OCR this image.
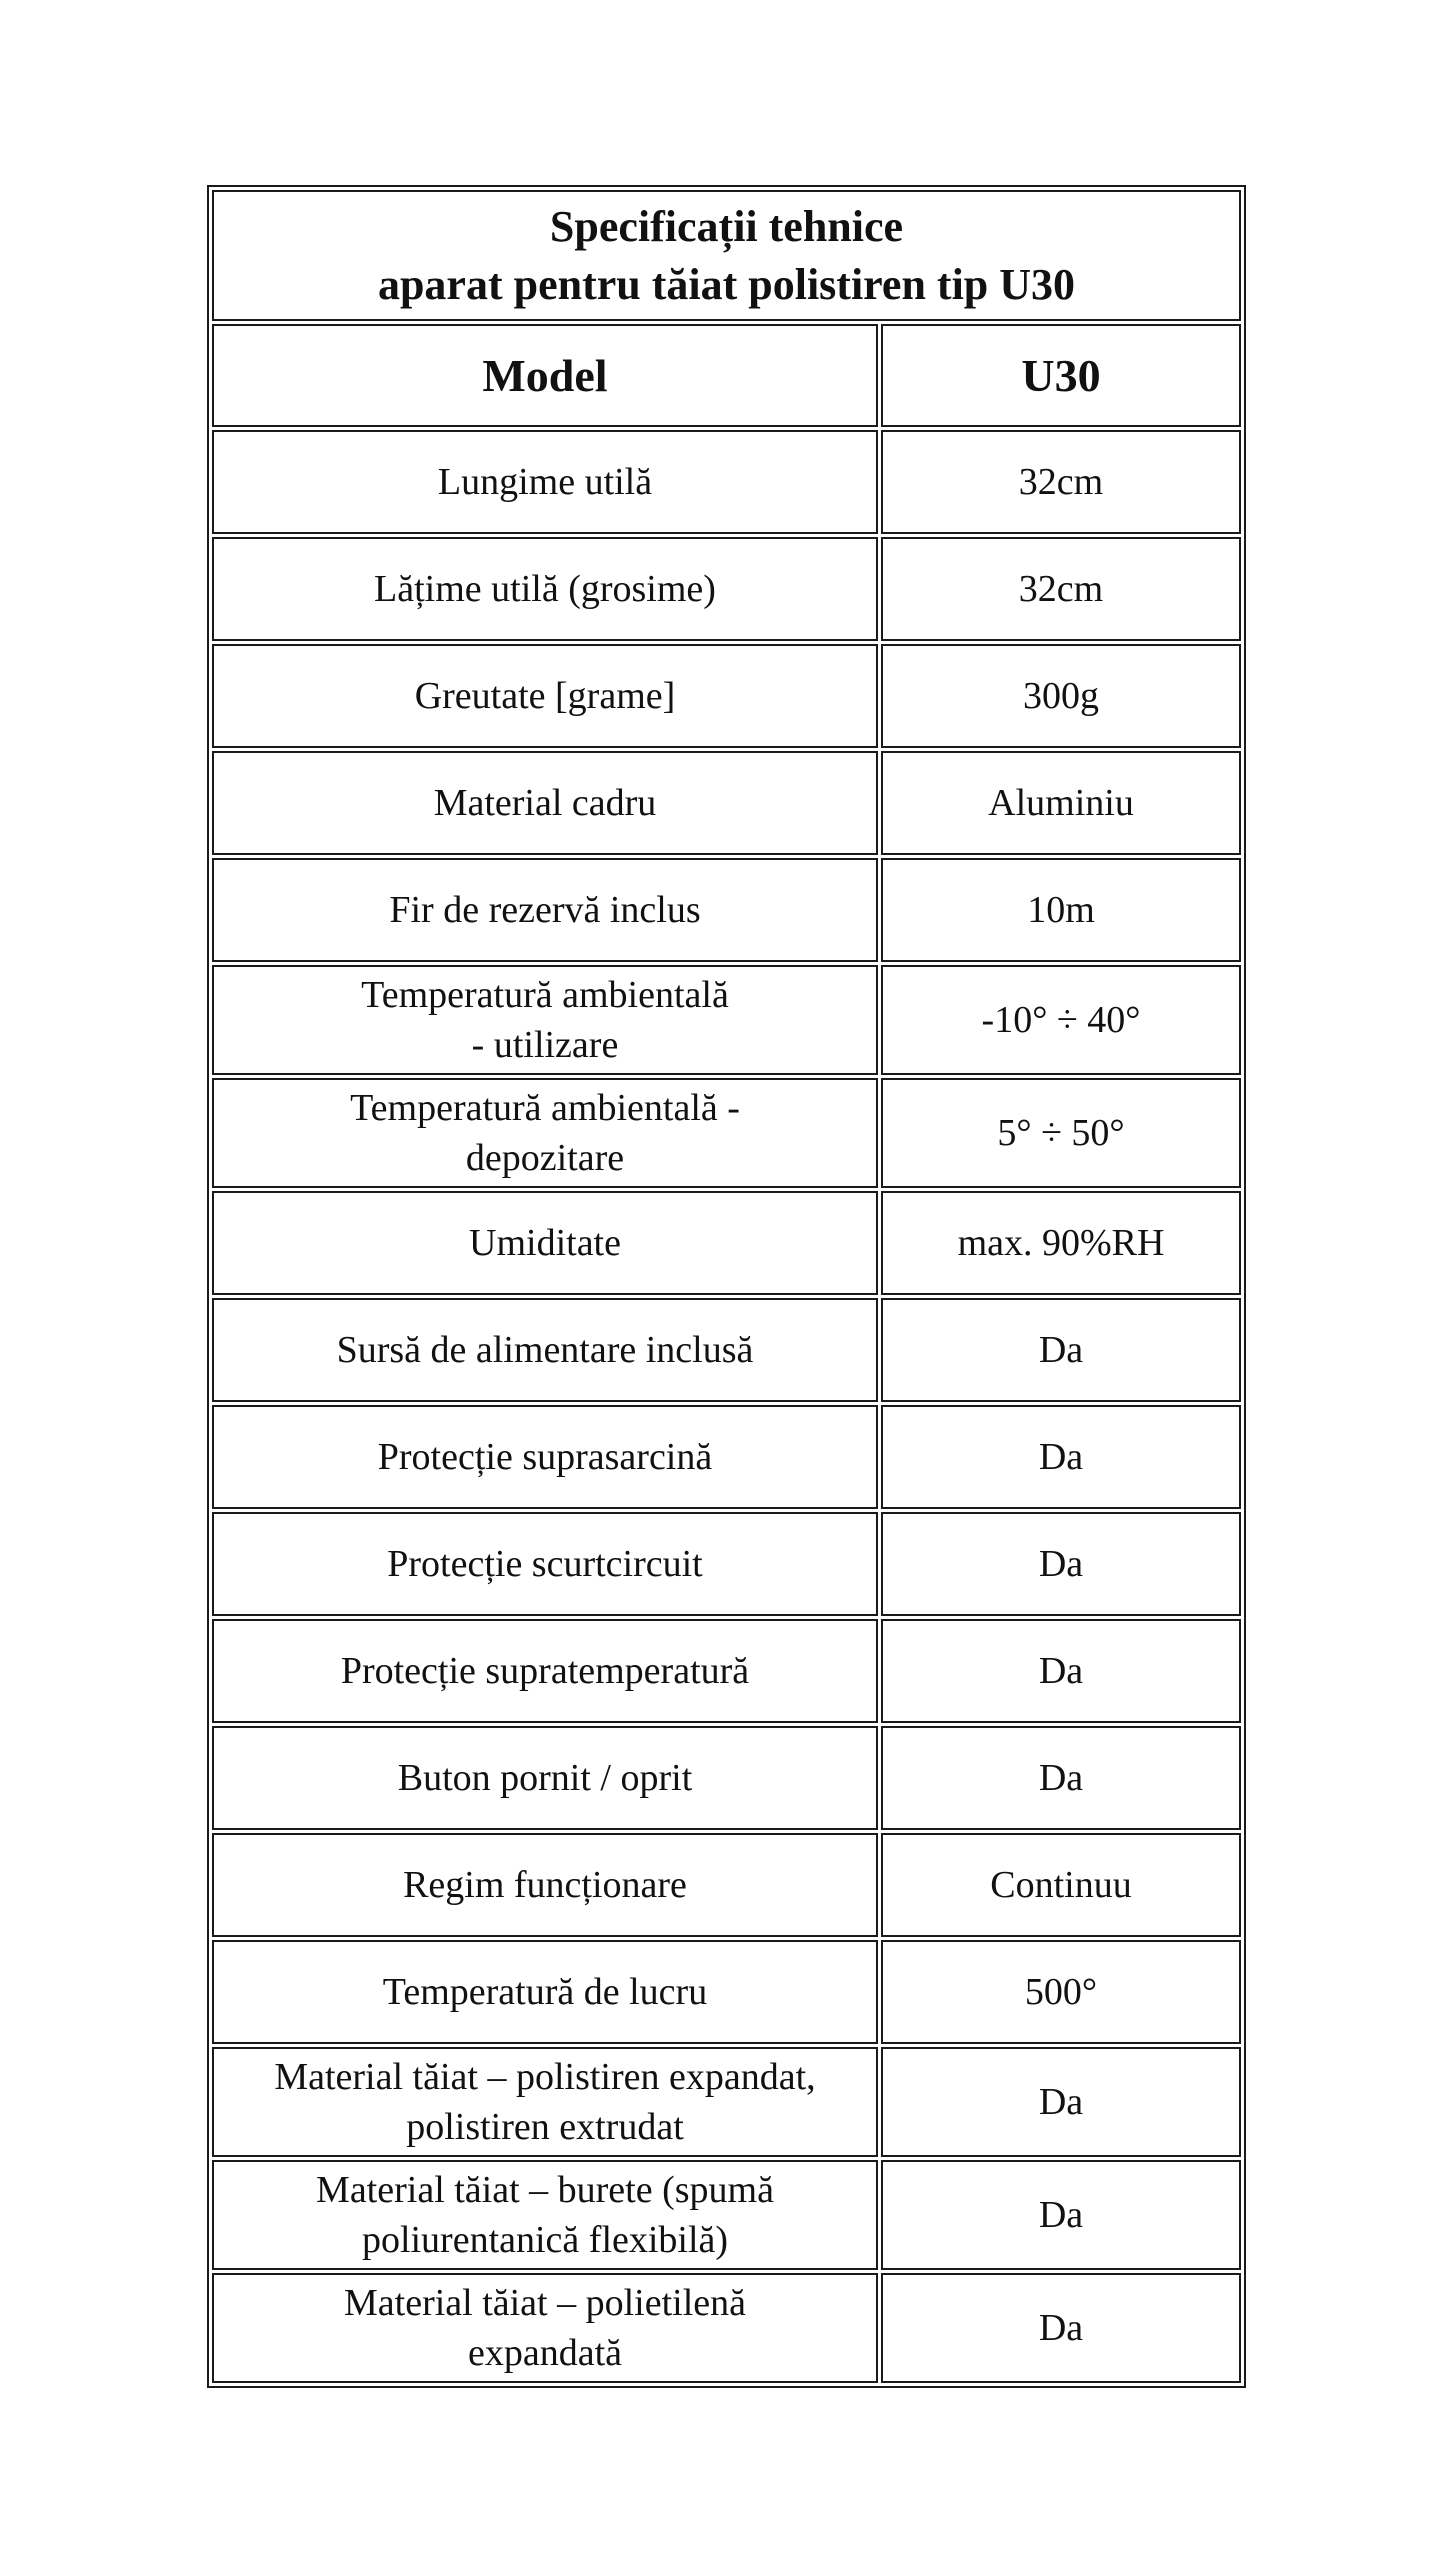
Specificații tehnice
aparat pentru tăiat polistiren tip U30	

Model	U30

Lungime utilă	32cm

Lățime utilă (grosime)	32cm

Greutate [grame]	300g

Material cadru	Aluminiu

Fir de rezervă inclus	10m

Temperatură ambientală
- utilizare	-10° ÷ 40°

Temperatură ambientală -
depozitare	5° ÷ 50°

Umiditate	max. 90%RH

Sursă de alimentare inclusă	Da

Protecție suprasarcină	Da

Protecție scurtcircuit	Da

Protecție supratemperatură	Da

Buton pornit / oprit	Da

Regim funcționare	Continuu

Temperatură de lucru	500°

Material tăiat – polistiren expandat,
polistiren extrudat	Da

Material tăiat – burete (spumă
poliurentanică flexibilă)	Da

Material tăiat – polietilenă
expandată	Da
